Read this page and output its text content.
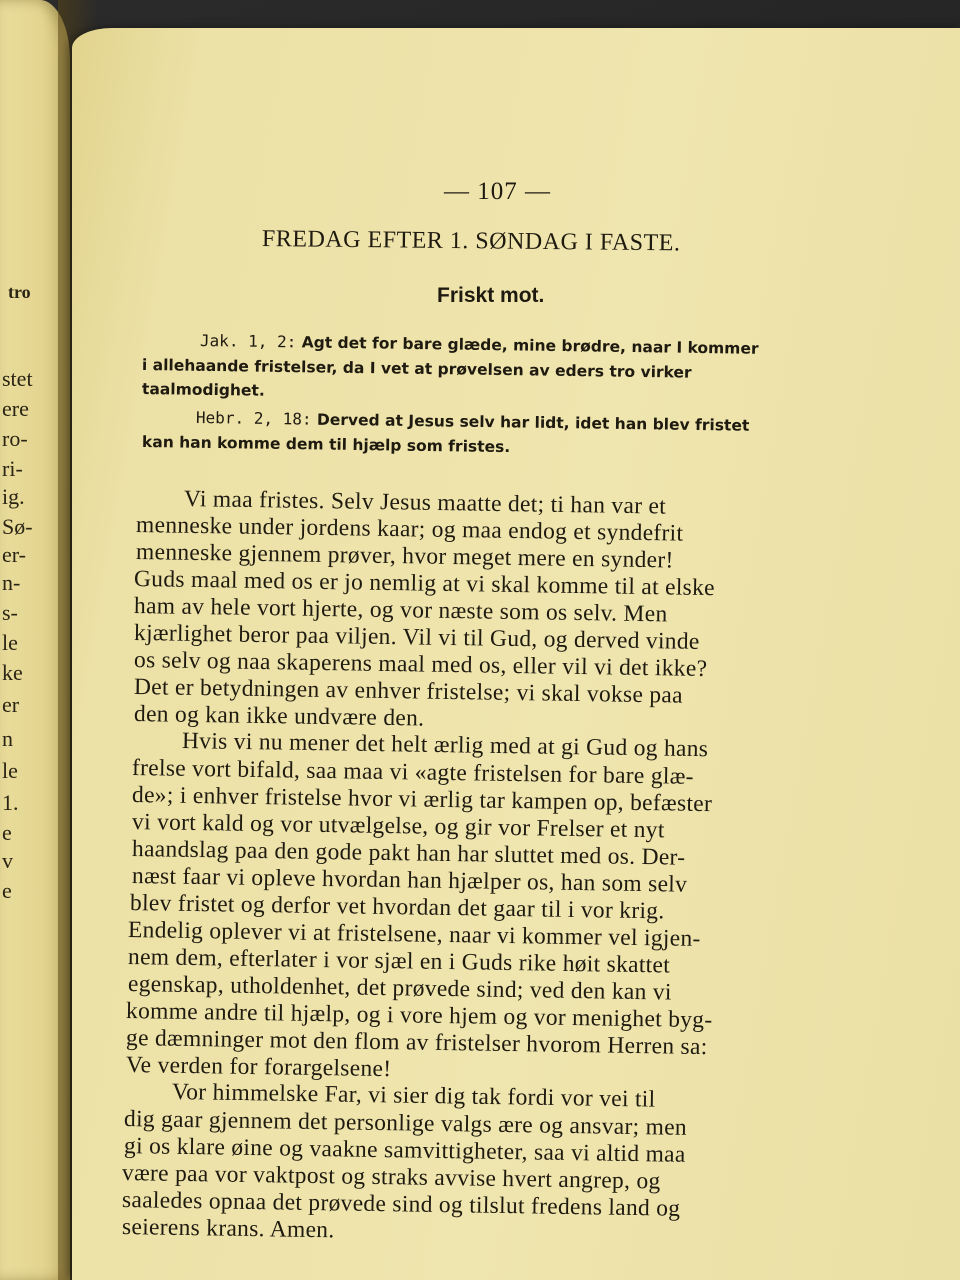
tro
stet
ere
ro-
ri-
ig.
Sø-
er-
n-
s-
le
ke
er
n
le
1.
e
v
e
— 107 —
FREDAG EFTER 1. SØNDAG I FASTE.
Friskt mot.
Jak. 1, 2: Agt det for bare glæde, mine brødre, naar I kommer
i allehaande fristelser, da I vet at prøvelsen av eders tro virker
taalmodighet.
Hebr. 2, 18: Derved at Jesus selv har lidt, idet han blev fristet
kan han komme dem til hjælp som fristes.
Vi maa fristes. Selv Jesus maatte det; ti han var et
menneske under jordens kaar; og maa endog et syndefrit
menneske gjennem prøver, hvor meget mere en synder!
Guds maal med os er jo nemlig at vi skal komme til at elske
ham av hele vort hjerte, og vor næste som os selv. Men
kjærlighet beror paa viljen. Vil vi til Gud, og derved vinde
os selv og naa skaperens maal med os, eller vil vi det ikke?
Det er betydningen av enhver fristelse; vi skal vokse paa
den og kan ikke undvære den.
Hvis vi nu mener det helt ærlig med at gi Gud og hans
frelse vort bifald, saa maa vi «agte fristelsen for bare glæ-
de»; i enhver fristelse hvor vi ærlig tar kampen op, befæster
vi vort kald og vor utvælgelse, og gir vor Frelser et nyt
haandslag paa den gode pakt han har sluttet med os. Der-
næst faar vi opleve hvordan han hjælper os, han som selv
blev fristet og derfor vet hvordan det gaar til i vor krig.
Endelig oplever vi at fristelsene, naar vi kommer vel igjen-
nem dem, efterlater i vor sjæl en i Guds rike høit skattet
egenskap, utholdenhet, det prøvede sind; ved den kan vi
komme andre til hjælp, og i vore hjem og vor menighet byg-
ge dæmninger mot den flom av fristelser hvorom Herren sa:
Ve verden for forargelsene!
Vor himmelske Far, vi sier dig tak fordi vor vei til
dig gaar gjennem det personlige valgs ære og ansvar; men
gi os klare øine og vaakne samvittigheter, saa vi altid maa
være paa vor vaktpost og straks avvise hvert angrep, og
saaledes opnaa det prøvede sind og tilslut fredens land og
seierens krans. Amen.
